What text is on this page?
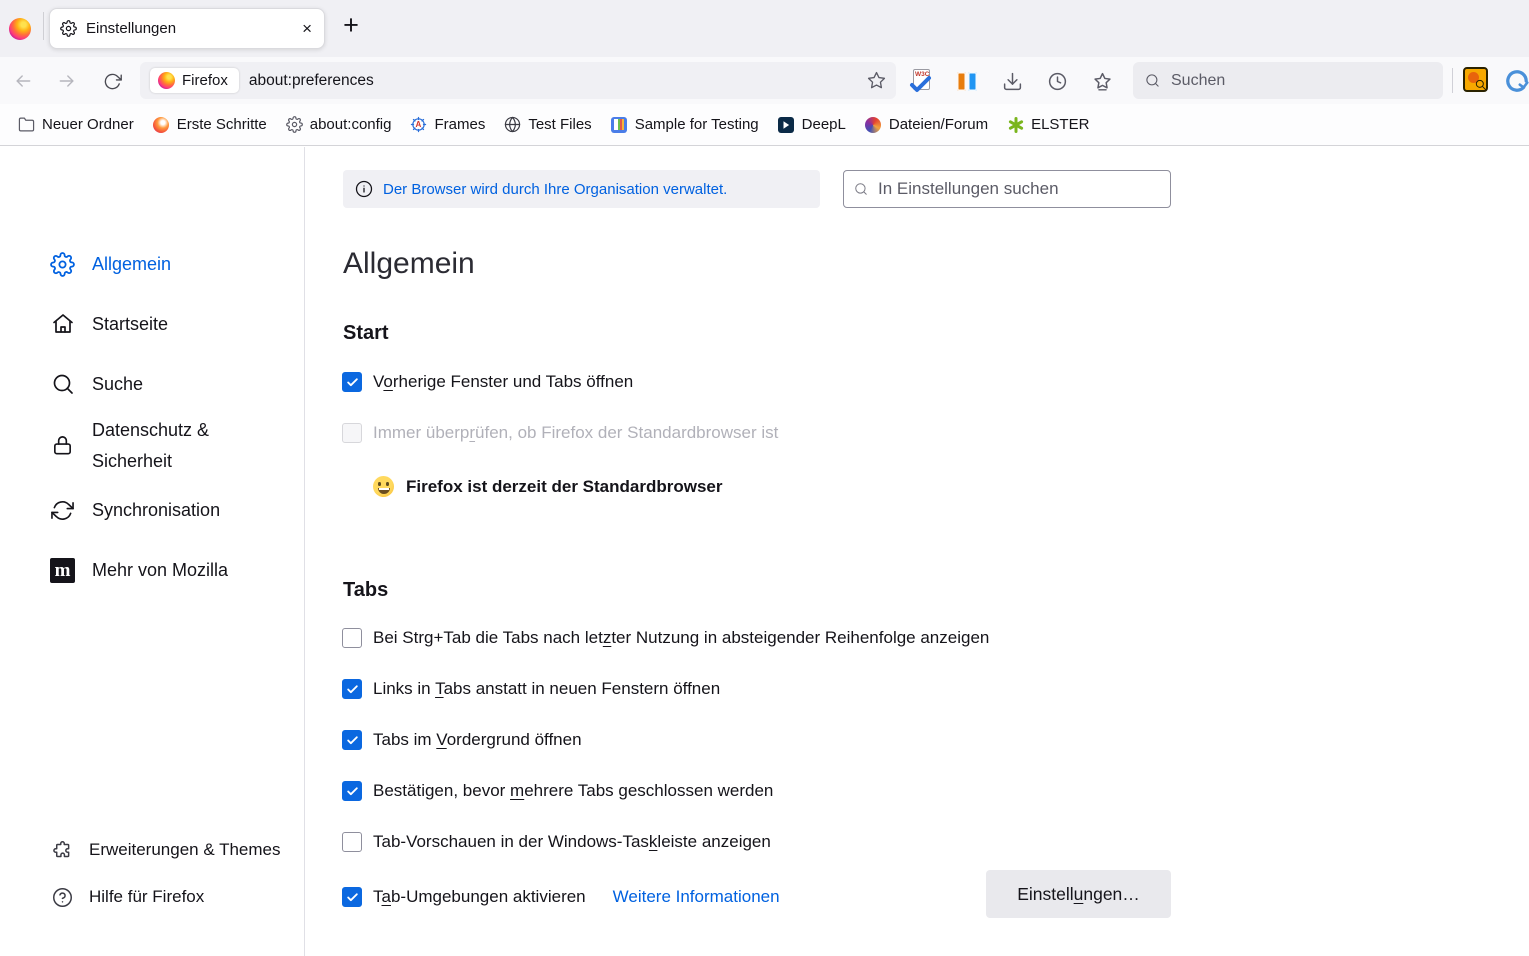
Einstellungen	× +
Firefox about:preferences	W3C
Suchen
Neuer Ordner	Erste Schritte	about:config	A Frames	Test Files	Sample for Testing	DeepL	Dateien/Forum	ELSTER
Allgemein
Startseite
Suche
Datenschutz &
Sicherheit
Synchronisation
m Mehr von Mozilla
Erweiterungen & Themes
Hilfe für Firefox
Der Browser wird durch Ihre Organisation verwaltet.
In Einstellungen suchen
Allgemein
Start
Vorherige Fenster und Tabs öffnen
Immer überprüfen, ob Firefox der Standardbrowser ist
Firefox ist derzeit der Standardbrowser
Tabs
Bei Strg+Tab die Tabs nach letzter Nutzung in absteigender Reihenfolge anzeigen
Links in Tabs anstatt in neuen Fenstern öffnen
Tabs im Vordergrund öffnen
Bestätigen, bevor mehrere Tabs geschlossen werden
Tab-Vorschauen in der Windows-Taskleiste anzeigen
Tab-Umgebungen aktivieren Weitere Informationen	Einstellungen…
